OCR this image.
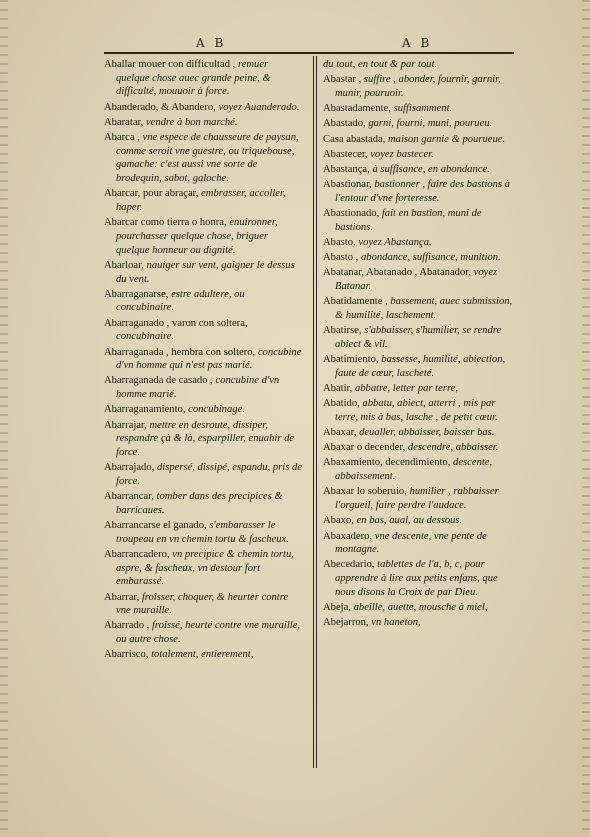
A B	A B
Aballar mouer con difficultad , remuer quelque chose auec grande peine, & difficulté, mouuoir à force.
Abanderado, & Abandero, voyez Auanderado.
Abaratar, vendre à bon marché.
Abarca , vne espece de chausseure de paysan, comme seroit vne guestre, ou triquebouse, gamache: c'est aussi vne sorte de brodequin, sabot, galoche.
Abarcar, pour abraçar, embrasser, accoller, haper.
Abarcar como tierra o honra, enuironner, pourchasser quelque chose, briguer quelque honneur ou dignité.
Abarloar, nauiger sur vent, gaigner le dessus du vent.
Abarraganarse, estre adultere, ou concubinaire.
Abarraganado , varon con soltera, concubinaire.
Abarraganada , hembra con soltero, concubine d'vn homme qui n'est pas marié.
Abarraganada de casado , concubine d'vn homme marié.
Abarraganamiento, concubinage.
Abarrajar, mettre en desroute, dissiper, respandre çà & là, esparpiller, enuahir de force.
Abarrajado, dispersé, dissipé, espandu, pris de force.
Abarrancar, tomber dans des precipices & barricaues.
Abarrancarse el ganado, s'embarasser le troupeau en vn chemin tortu & fascheux.
Abarrancadero, vn precipice & chemin tortu, aspre, & fascheux, vn destour fort embarassé.
Abarrar, froisser, choquer, & heurter contre vne muraille.
Abarrado , froissé, heurté contre vne muraille, ou autre chose.
Abarrisco, totalement, entierement,
du tout, en tout & par tout.
Abastar , suffire , abonder, fournir, garnir, munir, pouruoir.
Abastadamente, suffisamment.
Abastado, garni, fourni, muni, pourueu.
Casa abastada, maison garnie & pourueue.
Abastecer, voyez bastecer.
Abastança, à suffisance, en abondance.
Abastionar, bastionner , faire des bastions à l'entour d'vne forteresse.
Abastionado, fait en bastion, muni de bastions.
Abasto, voyez Abastança.
Abasto , abondance, suffisance, munition.
Abatanar, Abatanado , Abatanador, voyez Batanar.
Abatidamente , bassement, auec submission, & humilité, laschement.
Abatirse, s'abbaisser, s'humilier, se rendre abiect & vil.
Abatimiento, bassesse, humilité, abiection, faute de cœur, lascheté.
Abatir, abbatre, letter par terre,
Abatido, abbatu, abiect, atterri , mis par terre, mis à bas, lasche , de petit cœur.
Abaxar, deualler, abbaisser, baisser bas.
Abaxar o decender, descendre, abbaisser.
Abaxamiento, decendimiento, descente, abbaissement.
Abaxar lo soberuio, humilier , rabbaisser l'orgueil, faire perdre l'audace.
Abaxo, en bas, aual, au dessous.
Abaxadero, vne descente, vne pente de montagne.
Abecedario, tablettes de l'a, b, c, pour apprendre à lire aux petits enfans, que nous disons la Croix de par Dieu.
Abeja, abeille, auette, mousche à miel,
Abejarron, vn haneton,
